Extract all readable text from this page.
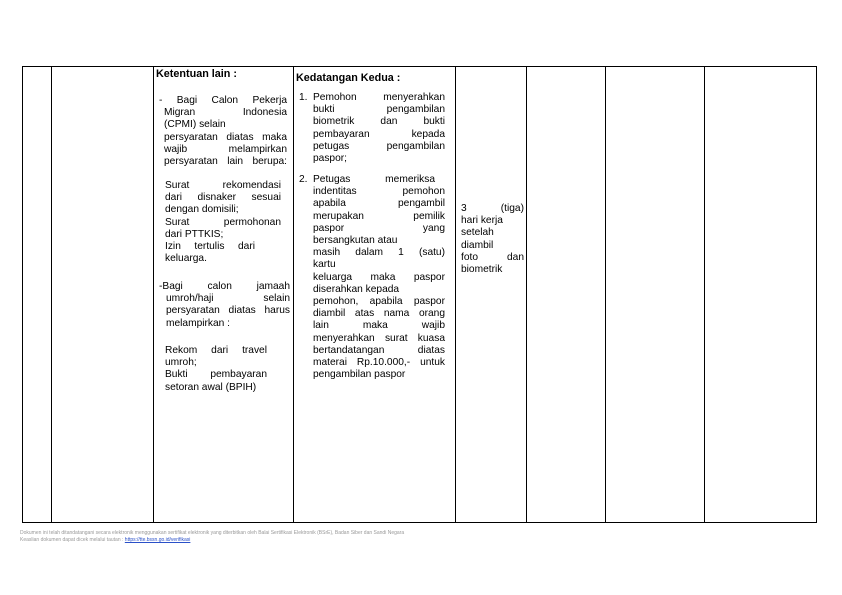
Ketentuan lain :
- Bagi Calon Pekerja
Migran Indonesia
(CPMI) selain
persyaratan diatas maka
wajib melampirkan
persyaratan lain berupa:
Surat rekomendasi
dari disnaker sesuai
dengan domisili;
Surat permohonan
dari PTTKIS;
Izin tertulis dari
keluarga.
-Bagi calon jamaah
umroh/haji selain
persyaratan diatas harus
melampirkan :
Rekom dari travel
umroh;
Bukti pembayaran
setoran awal (BPIH)
Kedatangan Kedua :
1. Pemohon menyerahkan
bukti pengambilan
biometrik dan bukti
pembayaran kepada
petugas pengambilan
paspor;
2. Petugas memeriksa
indentitas pemohon
apabila pengambil
merupakan pemilik
paspor yang
bersangkutan atau
masih dalam 1 (satu)
kartu
keluarga maka paspor
diserahkan kepada
pemohon, apabila paspor
diambil atas nama orang
lain maka wajib
menyerahkan surat kuasa
bertandatangan diatas
materai Rp.10.000,- untuk
pengambilan paspor
3 (tiga)
hari kerja
setelah
diambil
foto dan
biometrik
Dokumen ini telah ditandatangani secara elektronik menggunakan sertifikat elektronik yang diterbitkan oleh Balai Sertifikasi Elektronik (BSrE), Badan Siber dan Sandi Negara
Keaslian dokumen dapat dicek melalui tautan : https://tte.bssn.go.id/verifikasi
